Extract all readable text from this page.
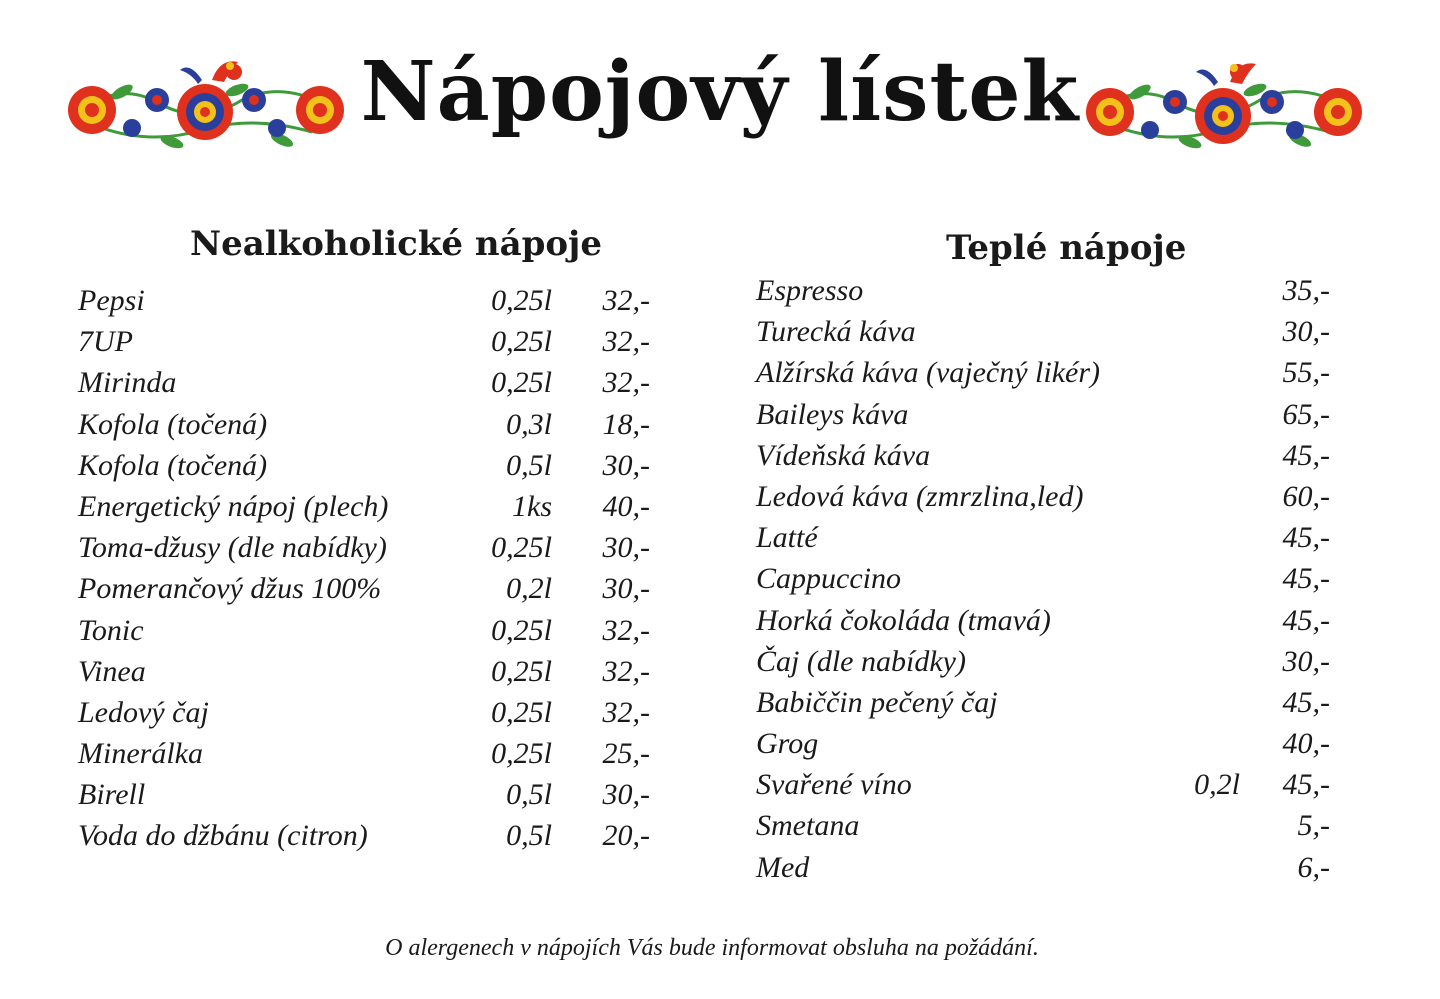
Nápojový lístek
Nealkoholické nápoje	Teplé nápoje
Pepsi	0,25l 32,-
7UP	0,25l 32,-
Mirinda	0,25l 32,-
Kofola (točená)	0,3l 18,-
Kofola (točená)	0,5l 30,-
Energetický nápoj (plech)	1ks 40,-
Toma-džusy (dle nabídky)	0,25l 30,-
Pomerančový džus 100%	0,2l 30,-
Tonic	0,25l 32,-
Vinea	0,25l 32,-
Ledový čaj	0,25l 32,-
Minerálka	0,25l 25,-
Birell	0,5l 30,-
Voda do džbánu (citron)	0,5l 20,-
Espresso	35,-
Turecká káva	30,-
Alžírská káva (vaječný likér)	55,-
Baileys káva	65,-
Vídeňská káva	45,-
Ledová káva (zmrzlina,led)	60,-
Latté	45,-
Cappuccino	45,-
Horká čokoláda (tmavá)	45,-
Čaj (dle nabídky)	30,-
Babiččin pečený čaj	45,-
Grog	40,-
Svařené víno	0,2l 45,-
Smetana	5,-
Med	6,-
O alergenech v nápojích Vás bude informovat obsluha na požádání.
